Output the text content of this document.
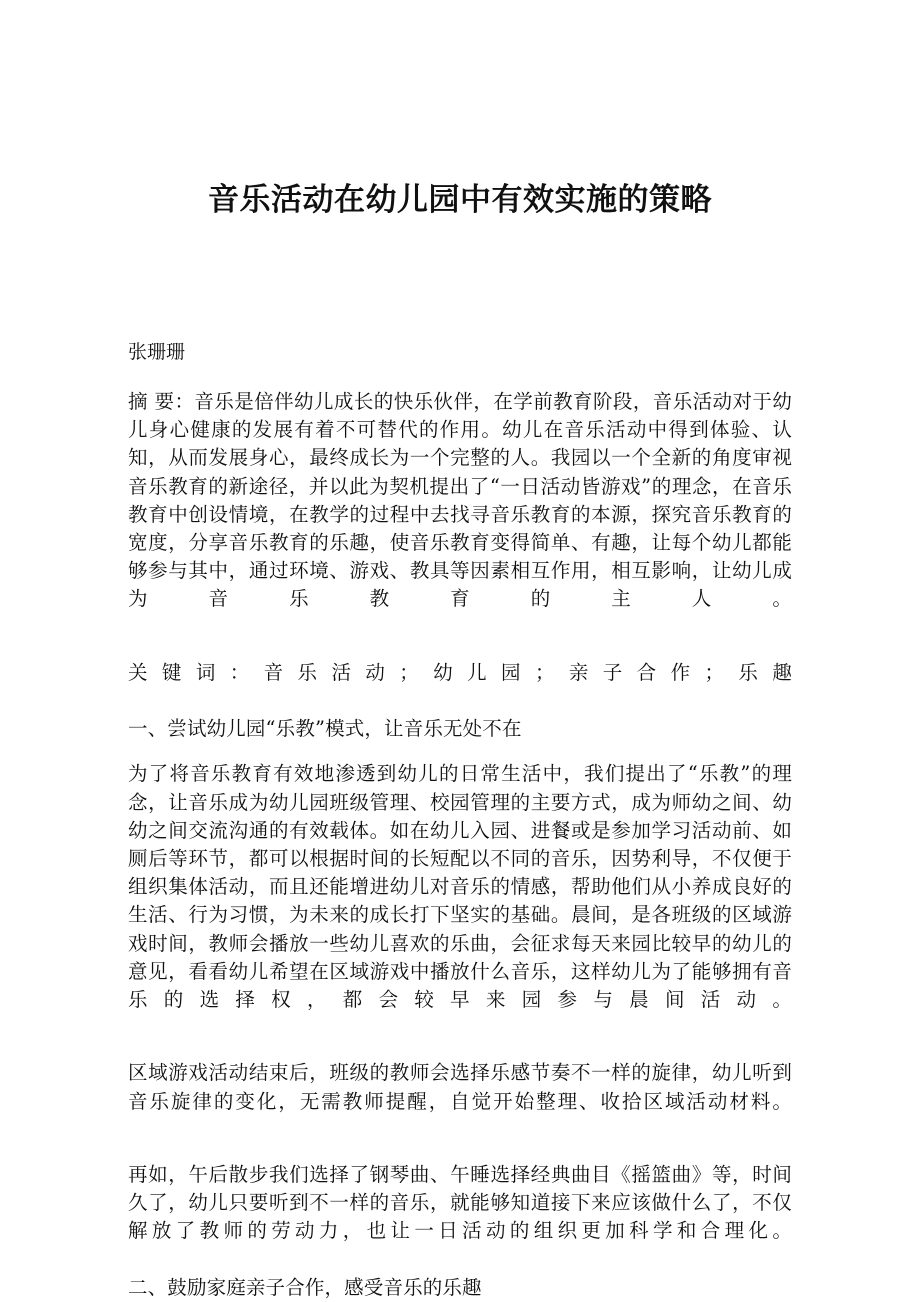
音乐活动在幼儿园中有效实施的策略

张珊珊

摘 要：音乐是倍伴幼儿成长的快乐伙伴，在学前教育阶段，音乐活动对于幼儿身心健康的发展有着不可替代的作用。幼儿在音乐活动中得到体验、认知，从而发展身心，最终成长为一个完整的人。我园以一个全新的角度审视音乐教育的新途径，并以此为契机提出了“一日活动皆游戏”的理念，在音乐教育中创设情境，在教学的过程中去找寻音乐教育的本源，探究音乐教育的宽度，分享音乐教育的乐趣，使音乐教育变得简单、有趣，让每个幼儿都能够参与其中，通过环境、游戏、教具等因素相互作用，相互影响，让幼儿成为音乐教育的主人。

关键词：音乐活动；幼儿园；亲子合作；乐趣

一、尝试幼儿园“乐教”模式，让音乐无处不在

为了将音乐教育有效地渗透到幼儿的日常生活中，我们提出了“乐教”的理念，让音乐成为幼儿园班级管理、校园管理的主要方式，成为师幼之间、幼幼之间交流沟通的有效载体。如在幼儿入园、进餐或是参加学习活动前、如厕后等环节，都可以根据时间的长短配以不同的音乐，因势利导，不仅便于组织集体活动，而且还能增进幼儿对音乐的情感，帮助他们从小养成良好的生活、行为习惯，为未来的成长打下坚实的基础。晨间，是各班级的区域游戏时间，教师会播放一些幼儿喜欢的乐曲，会征求每天来园比较早的幼儿的意见，看看幼儿希望在区域游戏中播放什么音乐，这样幼儿为了能够拥有音乐的选择权，都会较早来园参与晨间活动。

区域游戏活动结束后，班级的教师会选择乐感节奏不一样的旋律，幼儿听到音乐旋律的变化，无需教师提醒，自觉开始整理、收拾区域活动材料。

再如，午后散步我们选择了钢琴曲、午睡选择经典曲目《摇篮曲》等，时间久了，幼儿只要听到不一样的音乐，就能够知道接下来应该做什么了，不仅解放了教师的劳动力，也让一日活动的组织更加科学和合理化。

二、鼓励家庭亲子合作，感受音乐的乐趣
